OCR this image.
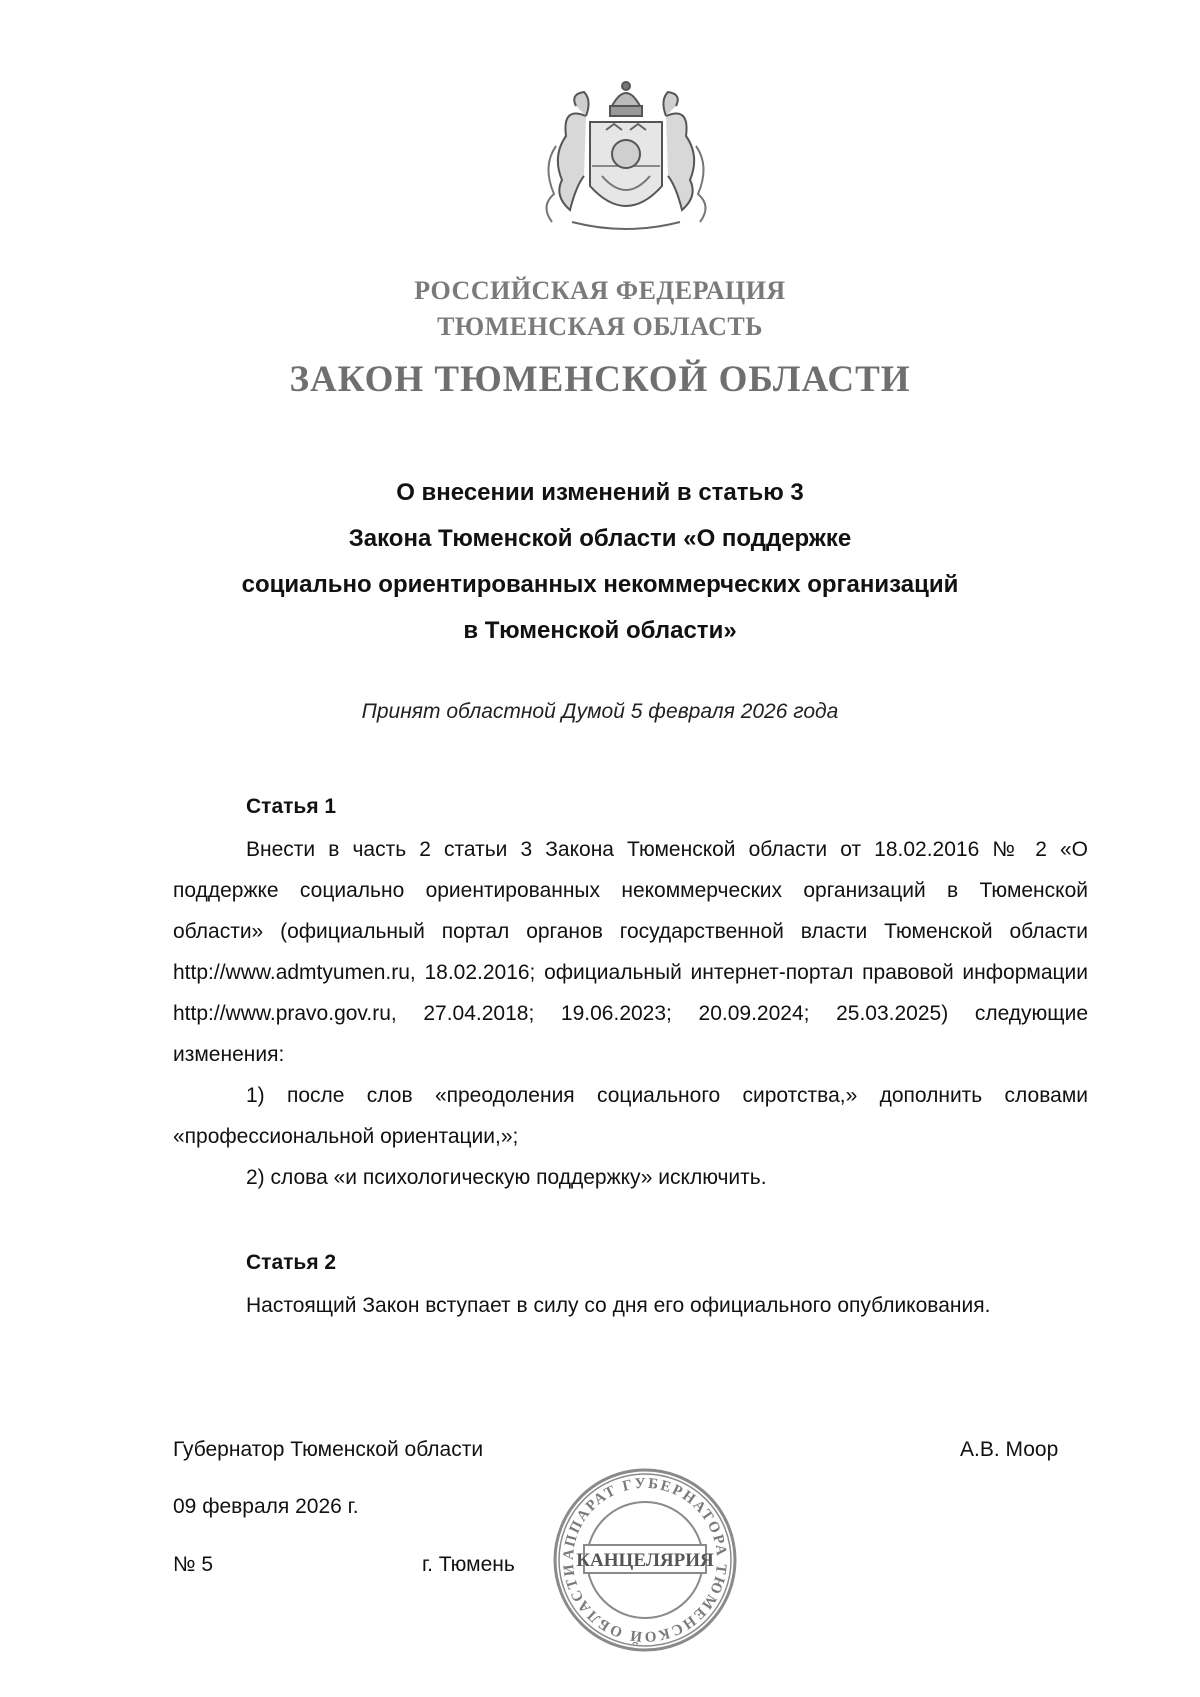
РОССИЙСКАЯ ФЕДЕРАЦИЯ
ТЮМЕНСКАЯ ОБЛАСТЬ
ЗАКОН ТЮМЕНСКОЙ ОБЛАСТИ
О внесении изменений в статью 3
Закона Тюменской области «О поддержке
социально ориентированных некоммерческих организаций
в Тюменской области»
Принят областной Думой 5 февраля 2026 года
Статья 1

Внести в часть 2 статьи 3 Закона Тюменской области от 18.02.2016 № 2 «О поддержке социально ориентированных некоммерческих организаций в Тюменской области» (официальный портал органов государственной власти Тюменской области http://www.admtyumen.ru, 18.02.2016; официальный интернет-портал правовой информации http://www.pravo.gov.ru, 27.04.2018; 19.06.2023; 20.09.2024; 25.03.2025) следующие изменения:

1) после слов «преодоления социального сиротства,» дополнить словами «профессиональной ориентации,»;

2) слова «и психологическую поддержку» исключить.

Статья 2

Настоящий Закон вступает в силу со дня его официального опубликования.

Губернатор Тюменской области	А.В. Моор
09 февраля 2026 г.
№ 5	г. Тюмень	АППАРАТ ГУБЕРНАТОРА ТЮМЕНСКОЙ ОБЛАСТИ
КАНЦЕЛЯРИЯ
